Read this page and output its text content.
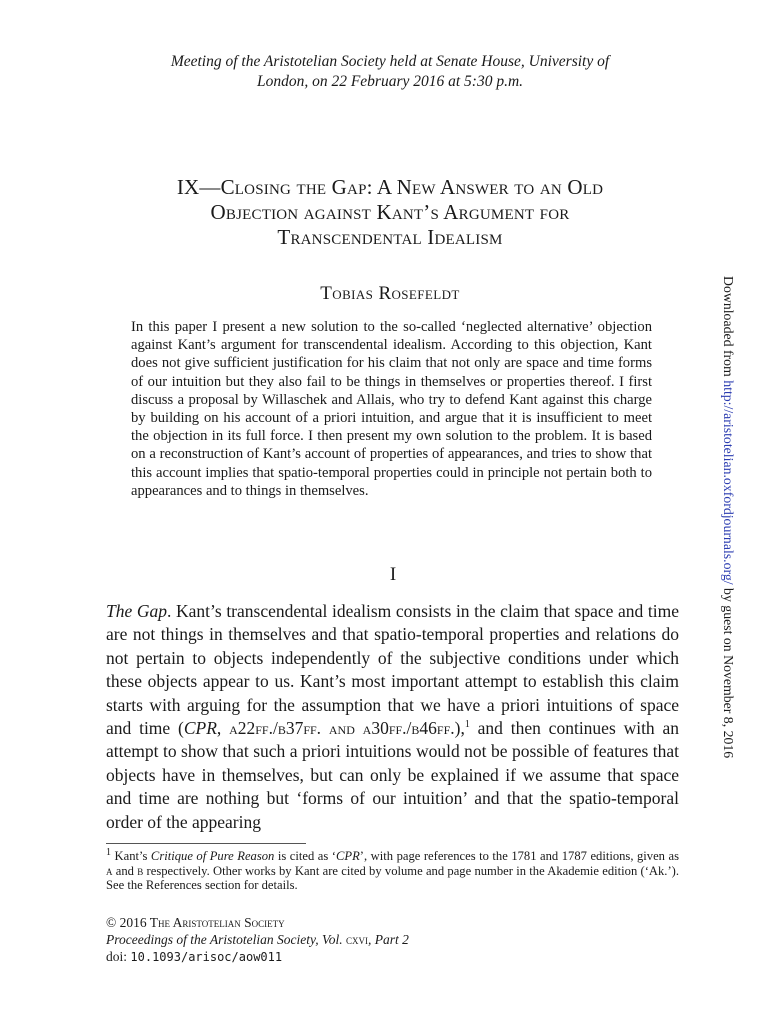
Meeting of the Aristotelian Society held at Senate House, University of
London, on 22 February 2016 at 5:30 p.m.
IX—Closing the Gap: A New Answer to an Old
Objection against Kant’s Argument for
Transcendental Idealism
Tobias Rosefeldt
In this paper I present a new solution to the so-called ‘neglected alternative’ objection against Kant’s argument for transcendental idealism. According to this objection, Kant does not give sufficient justification for his claim that not only are space and time forms of our intuition but they also fail to be things in themselves or properties thereof. I first discuss a proposal by Willaschek and Allais, who try to defend Kant against this charge by building on his account of a priori intuition, and argue that it is insufficient to meet the objection in its full force. I then present my own solution to the problem. It is based on a reconstruction of Kant’s account of properties of appearances, and tries to show that this account implies that spatio-temporal properties could in principle not pertain both to appearances and to things in themselves.
I
The Gap. Kant’s transcendental idealism consists in the claim that space and time are not things in themselves and that spatio-temporal properties and relations do not pertain to objects independently of the subjective conditions under which these objects appear to us. Kant’s most important attempt to establish this claim starts with arguing for the assumption that we have a priori intuitions of space and time (CPR, a22ff./b37ff. and a30ff./b46ff.),$^1$ and then continues with an attempt to show that such a priori intuitions would not be possible of features that objects have in themselves, but can only be explained if we assume that space and time are nothing but ‘forms of our intuition’ and that the spatio-temporal order of the appearing
$^1$ Kant’s Critique of Pure Reason is cited as ‘CPR’, with page references to the 1781 and 1787 editions, given as a and b respectively. Other works by Kant are cited by volume and page number in the Akademie edition (‘Ak.’). See the References section for details.
© 2016 The Aristotelian Society
Proceedings of the Aristotelian Society, Vol. cxvi, Part 2
doi: 10.1093/arisoc/aow011
Downloaded from http://aristotelian.oxfordjournals.org/ by guest on November 8, 2016
